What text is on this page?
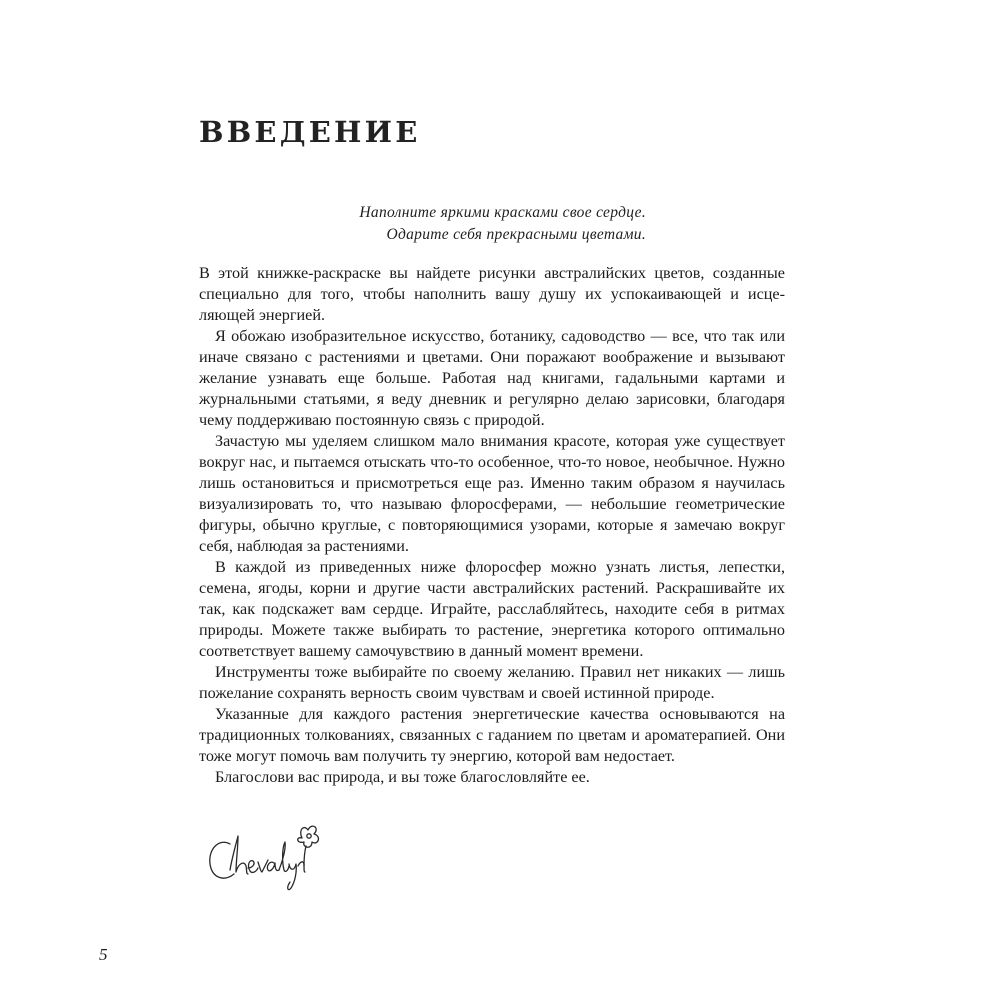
ВВЕДЕНИЕ
Наполните яркими красками свое сердце.
Одарите себя прекрасными цветами.

В этой книжке-раскраске вы найдете рисунки австралийских цветов, созданные специально для того, чтобы наполнить вашу душу их успокаивающей и исцеляющей энергией.

Я обожаю изобразительное искусство, ботанику, садоводство — все, что так или иначе связано с растениями и цветами. Они поражают воображение и вызывают желание узнавать еще больше. Работая над книгами, гадальными картами и журнальными статьями, я веду дневник и регулярно делаю зарисовки, благодаря чему поддерживаю постоянную связь с природой.

Зачастую мы уделяем слишком мало внимания красоте, которая уже существует вокруг нас, и пытаемся отыскать что-то особенное, что-то новое, необычное. Нужно лишь остановиться и присмотреться еще раз. Именно таким образом я научилась визуализировать то, что называю флоросферами, — небольшие геометрические фигуры, обычно круглые, с повторяющимися узорами, которые я замечаю вокруг себя, наблюдая за растениями.

В каждой из приведенных ниже флоросфер можно узнать листья, лепестки, семена, ягоды, корни и другие части австралийских растений. Раскрашивайте их так, как подскажет вам сердце. Играйте, расслабляйтесь, находите себя в ритмах природы. Можете также выбирать то растение, энергетика которого оптимально соответствует вашему самочувствию в данный момент времени.

Инструменты тоже выбирайте по своему желанию. Правил нет никаких — лишь пожелание сохранять верность своим чувствам и своей истинной природе.

Указанные для каждого растения энергетические качества основываются на традиционных толкованиях, связанных с гаданием по цветам и ароматерапией. Они тоже могут помочь вам получить ту энергию, которой вам недостает.

Благослови вас природа, и вы тоже благословляйте ее.

5
